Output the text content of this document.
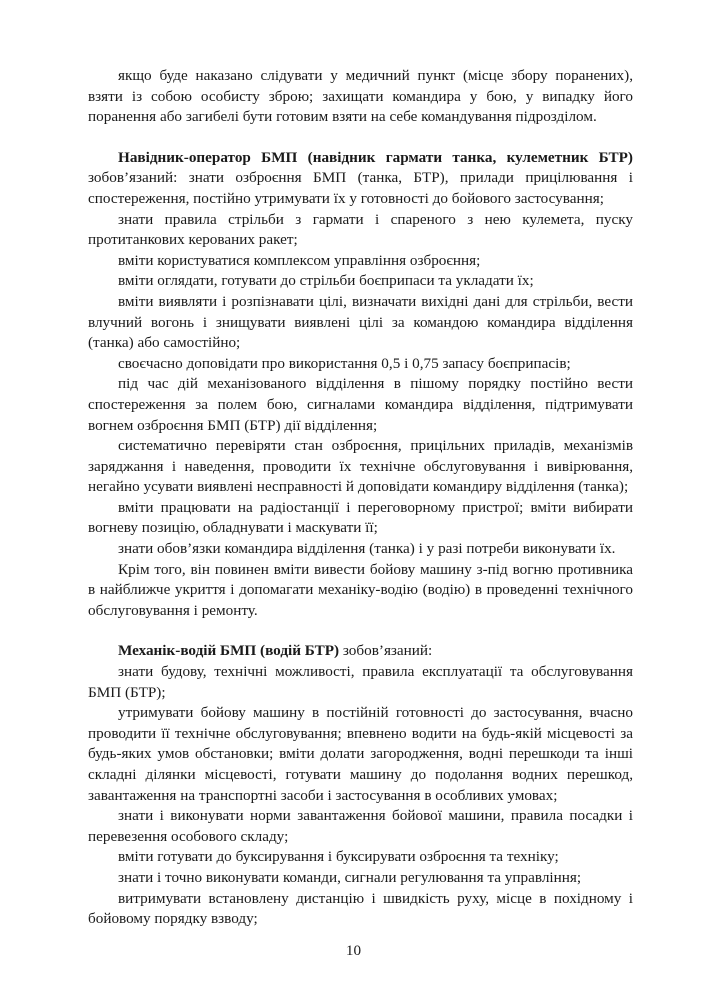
якщо буде наказано слідувати у медичний пункт (місце збору поранених), взяти із собою особисту зброю; захищати командира у бою, у випадку його поранення або загибелі бути готовим взяти на себе командування підрозділом.

Навідник-оператор БМП (навідник гармати танка, кулеметник БТР) зобов’язаний: знати озброєння БМП (танка, БТР), прилади прицілювання і спостереження, постійно утримувати їх у готовності до бойового застосування;

знати правила стрільби з гармати і спареного з нею кулемета, пуску протитанкових керованих ракет;

вміти користуватися комплексом управління озброєння;

вміти оглядати, готувати до стрільби боєприпаси та укладати їх;

вміти виявляти і розпізнавати цілі, визначати вихідні дані для стрільби, вести влучний вогонь і знищувати виявлені цілі за командою командира відділення (танка) або самостійно;

своєчасно доповідати про використання 0,5 і 0,75 запасу боєприпасів;

під час дій механізованого відділення в пішому порядку постійно вести спостереження за полем бою, сигналами командира відділення, підтримувати вогнем озброєння БМП (БТР) дії відділення;

систематично перевіряти стан озброєння, прицільних приладів, механізмів заряджання і наведення, проводити їх технічне обслуговування і вивірювання, негайно усувати виявлені несправності й доповідати командиру відділення (танка);

вміти працювати на радіостанції і переговорному пристрої; вміти вибирати вогневу позицію, обладнувати і маскувати її;

знати обов’язки командира відділення (танка) і у разі потреби виконувати їх.

Крім того, він повинен вміти вивести бойову машину з-під вогню противника в найближче укриття і допомагати механіку-водію (водію) в проведенні технічного обслуговування і ремонту.

Механік-водій БМП (водій БТР) зобов’язаний:

знати будову, технічні можливості, правила експлуатації та обслуговування БМП (БТР);

утримувати бойову машину в постійній готовності до застосування, вчасно проводити її технічне обслуговування; впевнено водити на будь-якій місцевості за будь-яких умов обстановки; вміти долати загородження, водні перешкоди та інші складні ділянки місцевості, готувати машину до подолання водних перешкод, завантаження на транспортні засоби і застосування в особливих умовах;

знати і виконувати норми завантаження бойової машини, правила посадки і перевезення особового складу;

вміти готувати до буксирування і буксирувати озброєння та техніку;

знати і точно виконувати команди, сигнали регулювання та управління;

витримувати встановлену дистанцію і швидкість руху, місце в похідному і бойовому порядку взводу;

10
